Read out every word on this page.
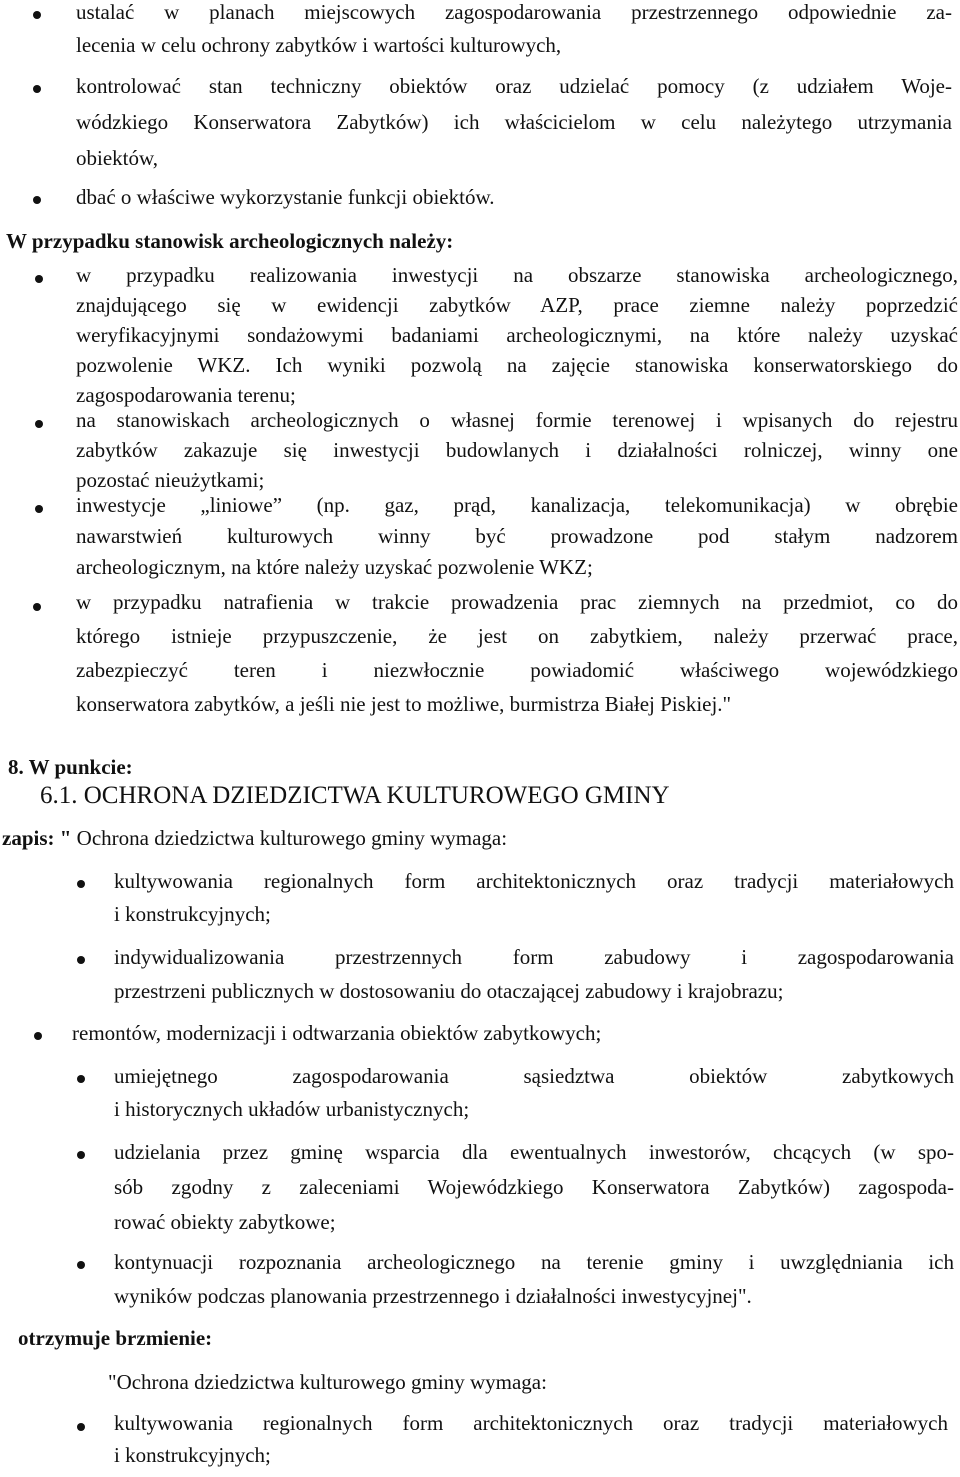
ustalać w planach miejscowych zagospodarowania przestrzennego odpowiednie za-
lecenia w celu ochrony zabytków i wartości kulturowych,
kontrolować stan techniczny obiektów oraz udzielać pomocy (z udziałem Woje-
wódzkiego Konserwatora Zabytków) ich właścicielom w celu należytego utrzymania
obiektów,
dbać o właściwe wykorzystanie funkcji obiektów.
W przypadku stanowisk archeologicznych należy:
w przypadku realizowania inwestycji na obszarze stanowiska archeologicznego,
znajdującego się w ewidencji zabytków AZP, prace ziemne należy poprzedzić
weryfikacyjnymi sondażowymi badaniami archeologicznymi, na które należy uzyskać
pozwolenie WKZ. Ich wyniki pozwolą na zajęcie stanowiska konserwatorskiego do
zagospodarowania terenu;
na stanowiskach archeologicznych o własnej formie terenowej i wpisanych do rejestru
zabytków zakazuje się inwestycji budowlanych i działalności rolniczej, winny one
pozostać nieużytkami;
inwestycje „liniowe” (np. gaz, prąd, kanalizacja, telekomunikacja) w obrębie
nawarstwień kulturowych winny być prowadzone pod stałym nadzorem
archeologicznym, na które należy uzyskać pozwolenie WKZ;
w przypadku natrafienia w trakcie prowadzenia prac ziemnych na przedmiot, co do
którego istnieje przypuszczenie, że jest on zabytkiem, należy przerwać prace,
zabezpieczyć teren i niezwłocznie powiadomić właściwego wojewódzkiego
konserwatora zabytków, a jeśli nie jest to możliwe, burmistrza Białej Piskiej."
8. W punkcie:
6.1. OCHRONA DZIEDZICTWA KULTUROWEGO GMINY
zapis: " Ochrona dziedzictwa kulturowego gminy wymaga:
kultywowania regionalnych form architektonicznych oraz tradycji materiałowych
i konstrukcyjnych;
indywidualizowania przestrzennych form zabudowy i zagospodarowania
przestrzeni publicznych w dostosowaniu do otaczającej zabudowy i krajobrazu;
remontów, modernizacji i odtwarzania obiektów zabytkowych;
umiejętnego zagospodarowania sąsiedztwa obiektów zabytkowych
i historycznych układów urbanistycznych;
udzielania przez gminę wsparcia dla ewentualnych inwestorów, chcących (w spo-
sób zgodny z zaleceniami Wojewódzkiego Konserwatora Zabytków) zagospoda-
rować obiekty zabytkowe;
kontynuacji rozpoznania archeologicznego na terenie gminy i uwzględniania ich
wyników podczas planowania przestrzennego i działalności inwestycyjnej".
otrzymuje brzmienie:
"Ochrona dziedzictwa kulturowego gminy wymaga:
kultywowania regionalnych form architektonicznych oraz tradycji materiałowych
i konstrukcyjnych;
